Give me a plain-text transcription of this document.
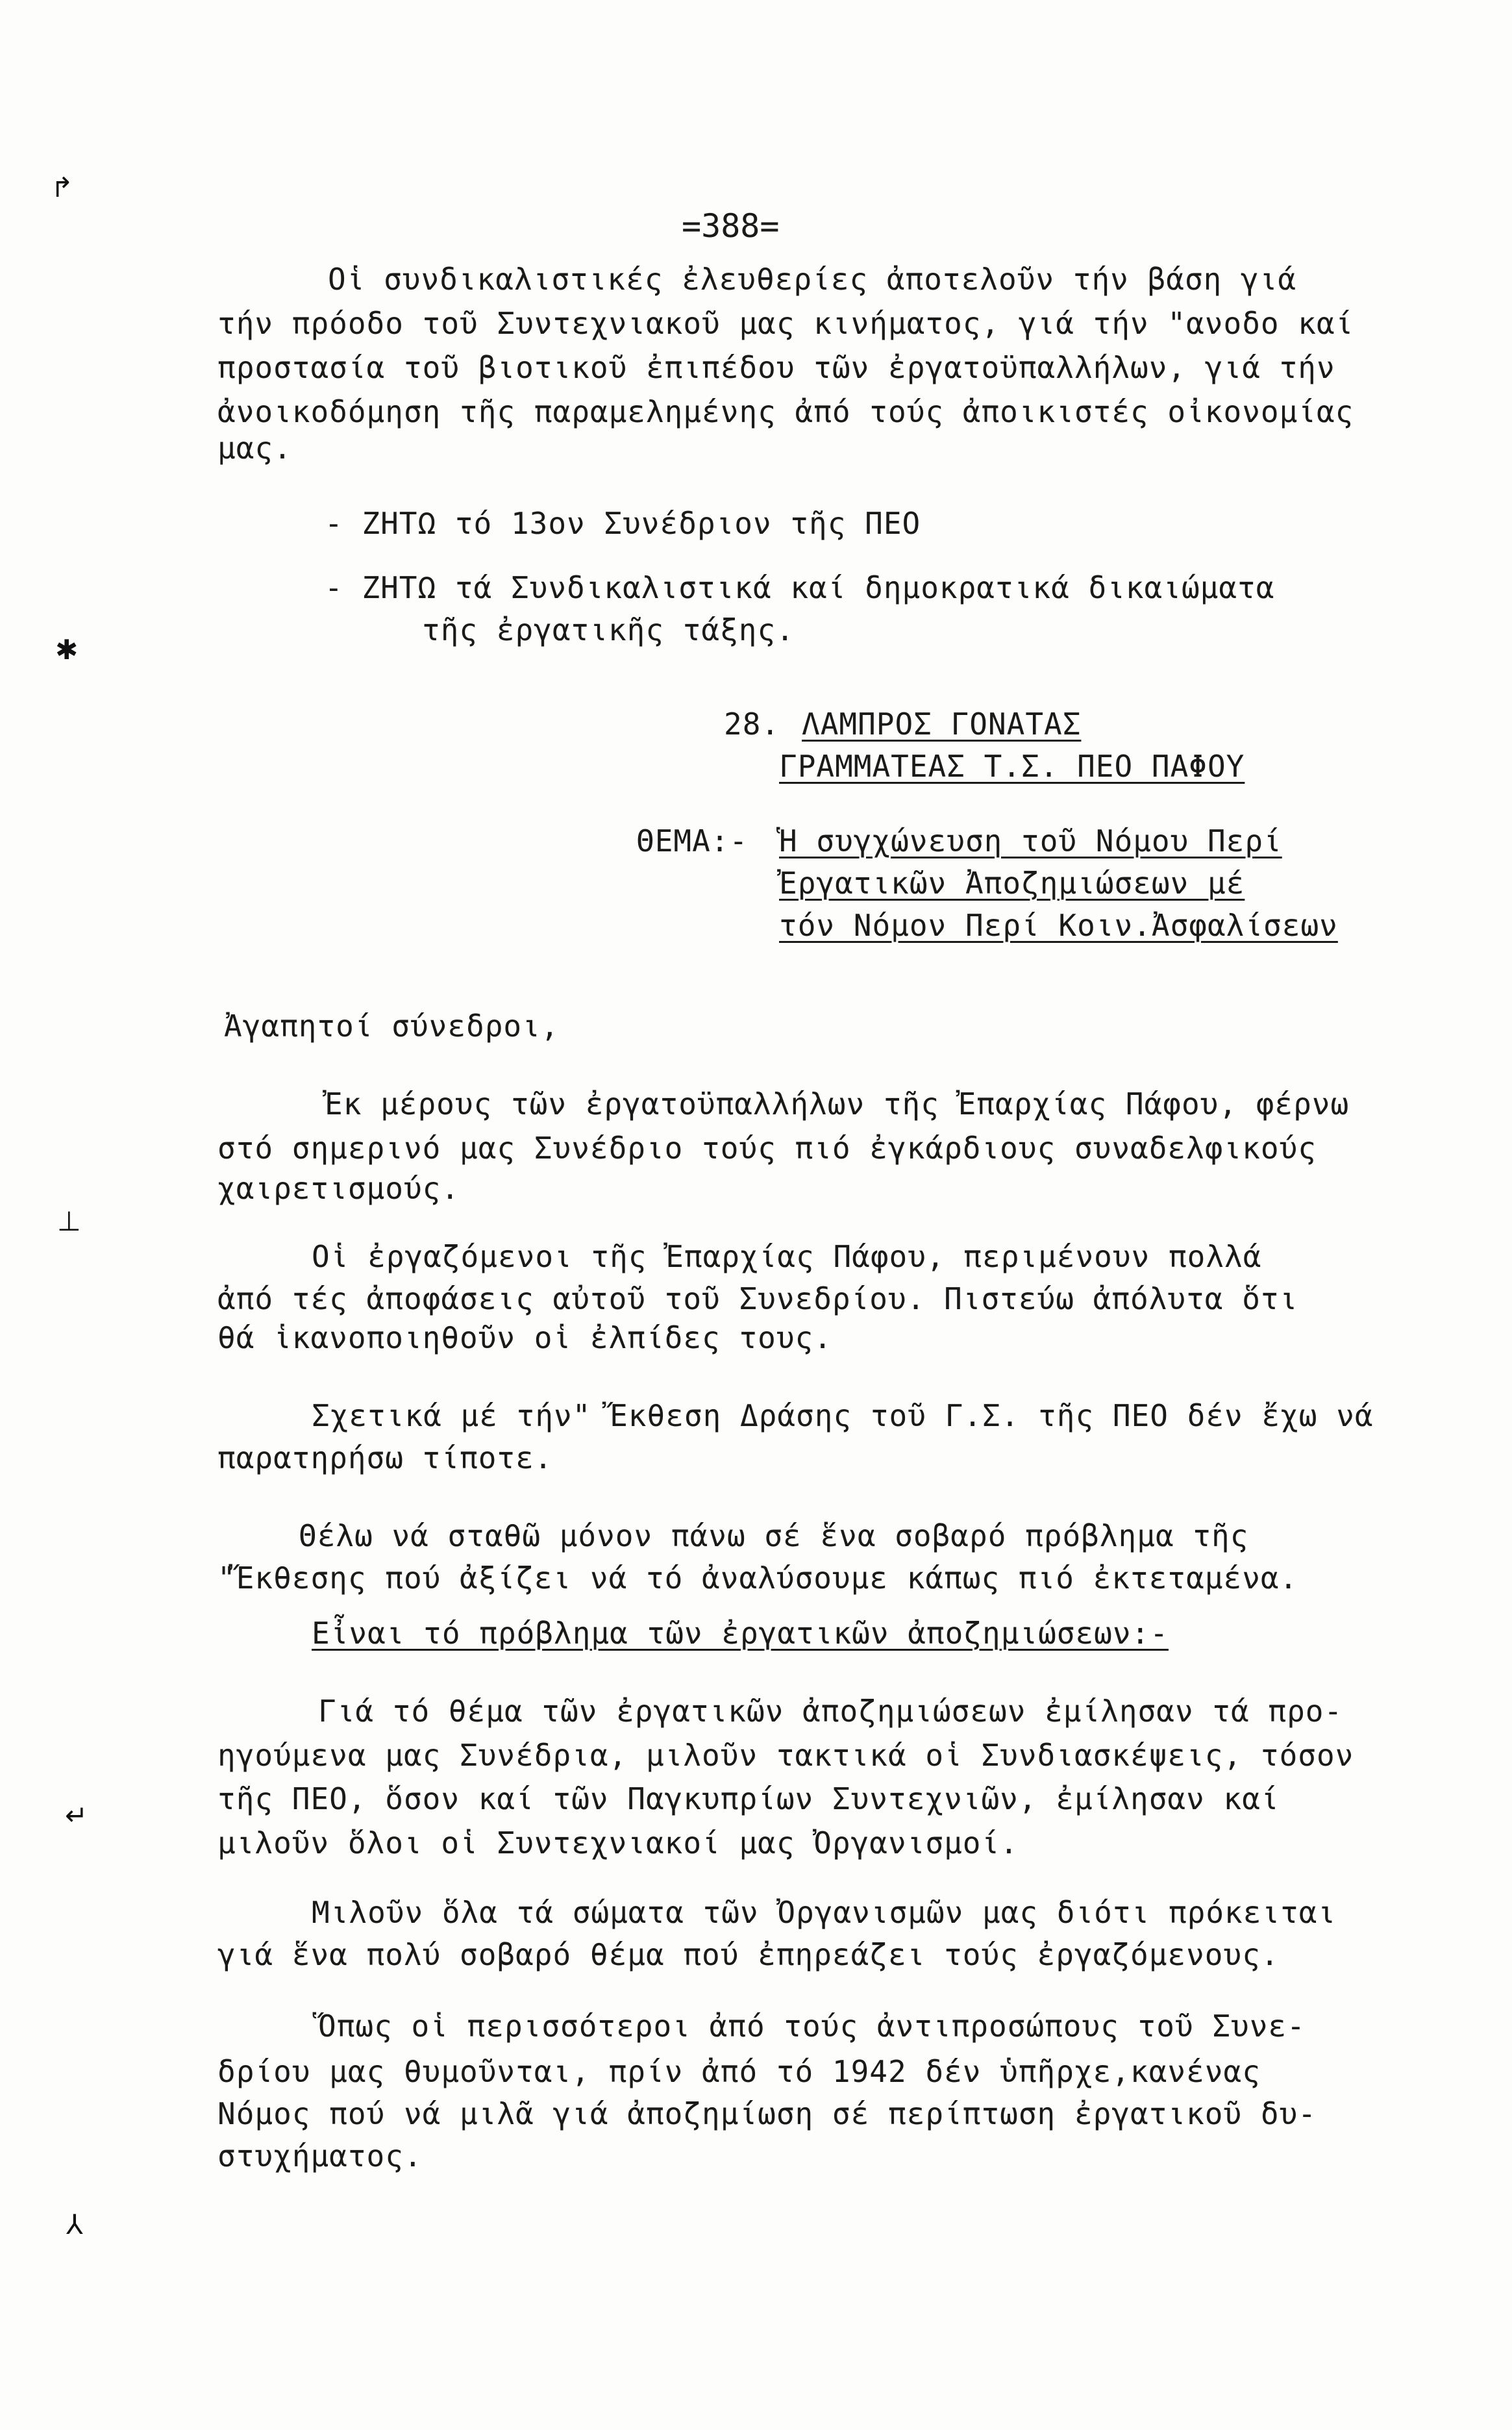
↱
✱
⊥
↵
⅄
=388=
Οἱ συνδικαλιστικές ἐλευθερίες ἀποτελοῦν τήν βάση γιά
τήν πρόοδο τοῦ Συντεχνιακοῦ μας κινήματος, γιά τήν "ανοδο καί
προστασία τοῦ βιοτικοῦ ἐπιπέδου τῶν ἐργατοϋπαλλήλων, γιά τήν
ἀνοικοδόμηση τῆς παραμελημένης ἀπό τούς ἀποικιστές οἰκονομίας
μας.
- ΖΗΤΩ τό 13ον Συνέδριον τῆς ΠΕΟ
- ΖΗΤΩ τά Συνδικαλιστικά καί δημοκρατικά δικαιώματα
τῆς ἐργατικῆς τάξης.
28. ΛΑΜΠΡΟΣ ΓΟΝΑΤΑΣ
ΓΡΑΜΜΑΤΕΑΣ Τ.Σ. ΠΕΟ ΠΑΦΟΥ
ΘΕΜΑ:- Ἡ συγχώνευση τοῦ Νόμου Περί
Ἐργατικῶν Ἀποζημιώσεων μέ
τόν Νόμον Περί Κοιν.Ἀσφαλίσεων
Ἀγαπητοί σύνεδροι,
Ἐκ μέρους τῶν ἐργατοϋπαλλήλων τῆς Ἐπαρχίας Πάφου, φέρνω
στό σημερινό μας Συνέδριο τούς πιό ἐγκάρδιους συναδελφικούς
χαιρετισμούς.
Οἱ ἐργαζόμενοι τῆς Ἐπαρχίας Πάφου, περιμένουν πολλά
ἀπό τές ἀποφάσεις αὐτοῦ τοῦ Συνεδρίου. Πιστεύω ἀπόλυτα ὅτι
θά ἱκανοποιηθοῦν οἱ ἐλπίδες τους.
Σχετικά μέ τήν" Ἔκθεση Δράσης τοῦ Γ.Σ. τῆς ΠΕΟ δέν ἔχω νά
παρατηρήσω τίποτε.
Θέλω νά σταθῶ μόνον πάνω σέ ἕνα σοβαρό πρόβλημα τῆς
"Ἔκθεσης πού ἀξίζει νά τό ἀναλύσουμε κάπως πιό ἐκτεταμένα.
Εἶναι τό πρόβλημα τῶν ἐργατικῶν ἀποζημιώσεων:-
Γιά τό θέμα τῶν ἐργατικῶν ἀποζημιώσεων ἐμίλησαν τά προ-
ηγούμενα μας Συνέδρια, μιλοῦν τακτικά οἱ Συνδιασκέψεις, τόσον
τῆς ΠΕΟ, ὅσον καί τῶν Παγκυπρίων Συντεχνιῶν, ἐμίλησαν καί
μιλοῦν ὅλοι οἱ Συντεχνιακοί μας Ὀργανισμοί.
Μιλοῦν ὅλα τά σώματα τῶν Ὀργανισμῶν μας διότι πρόκειται
γιά ἕνα πολύ σοβαρό θέμα πού ἐπηρεάζει τούς ἐργαζόμενους.
Ὅπως οἱ περισσότεροι ἀπό τούς ἀντιπροσώπους τοῦ Συνε-
δρίου μας θυμοῦνται, πρίν ἀπό τό 1942 δέν ὑπῆρχε,κανένας
Νόμος πού νά μιλᾶ γιά ἀποζημίωση σέ περίπτωση ἐργατικοῦ δυ-
στυχήματος.
